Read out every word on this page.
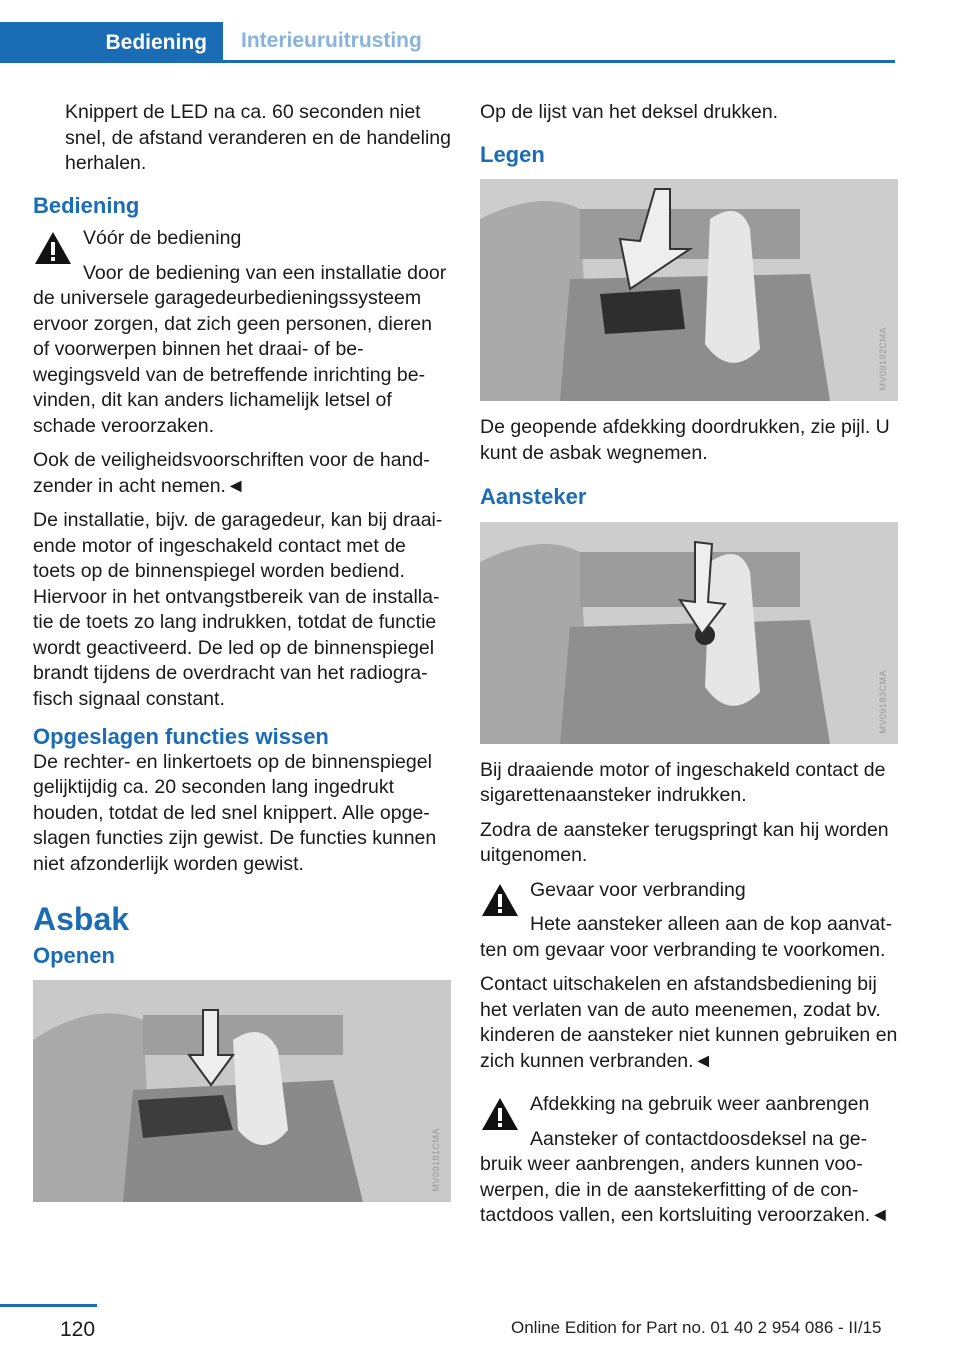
Bediening	Interieuruitrusting

Knippert de LED na ca. 60 seconden niet snel, de afstand veranderen en de handeling herhalen.

Bediening

Vóór de bediening

Voor de bediening van een installatie door de universele garagedeurbedieningssysteem ervoor zorgen, dat zich geen personen, dieren of voorwerpen binnen het draai- of bewegingsveld van de betreffende inrichting bevinden, dit kan anders lichamelijk letsel of schade veroorzaken.

Ook de veiligheidsvoorschriften voor de handzender in acht nemen.◄

De installatie, bijv. de garagedeur, kan bij draaiende motor of ingeschakeld contact met de toets op de binnenspiegel worden bediend. Hiervoor in het ontvangstbereik van de installatie de toets zo lang indrukken, totdat de functie wordt geactiveerd. De led op de binnenspiegel brandt tijdens de overdracht van het radiografisch signaal constant.

Opgeslagen functies wissen

De rechter- en linkertoets op de binnenspiegel gelijktijdig ca. 20 seconden lang ingedrukt houden, totdat de led snel knippert. Alle opgeslagen functies zijn gewist. De functies kunnen niet afzonderlijk worden gewist.

Asbak
Openen
MV09181CMA

Op de lijst van het deksel drukken.

Legen
MV09182CMA

De geopende afdekking doordrukken, zie pijl. U kunt de asbak wegnemen.

Aansteker
MV09183CMA

Bij draaiende motor of ingeschakeld contact de sigarettenaansteker indrukken.

Zodra de aansteker terugspringt kan hij worden uitgenomen.

Gevaar voor verbranding

Hete aansteker alleen aan de kop aanvatten om gevaar voor verbranding te voorkomen.

Contact uitschakelen en afstandsbediening bij het verlaten van de auto meenemen, zodat bv. kinderen de aansteker niet kunnen gebruiken en zich kunnen verbranden.◄

Afdekking na gebruik weer aanbrengen

Aansteker of contactdoosdeksel na gebruik weer aanbrengen, anders kunnen voowerpen, die in de aanstekerfitting of de contactdoos vallen, een kortsluiting veroorzaken.◄

120	Online Edition for Part no. 01 40 2 954 086 - II/15
